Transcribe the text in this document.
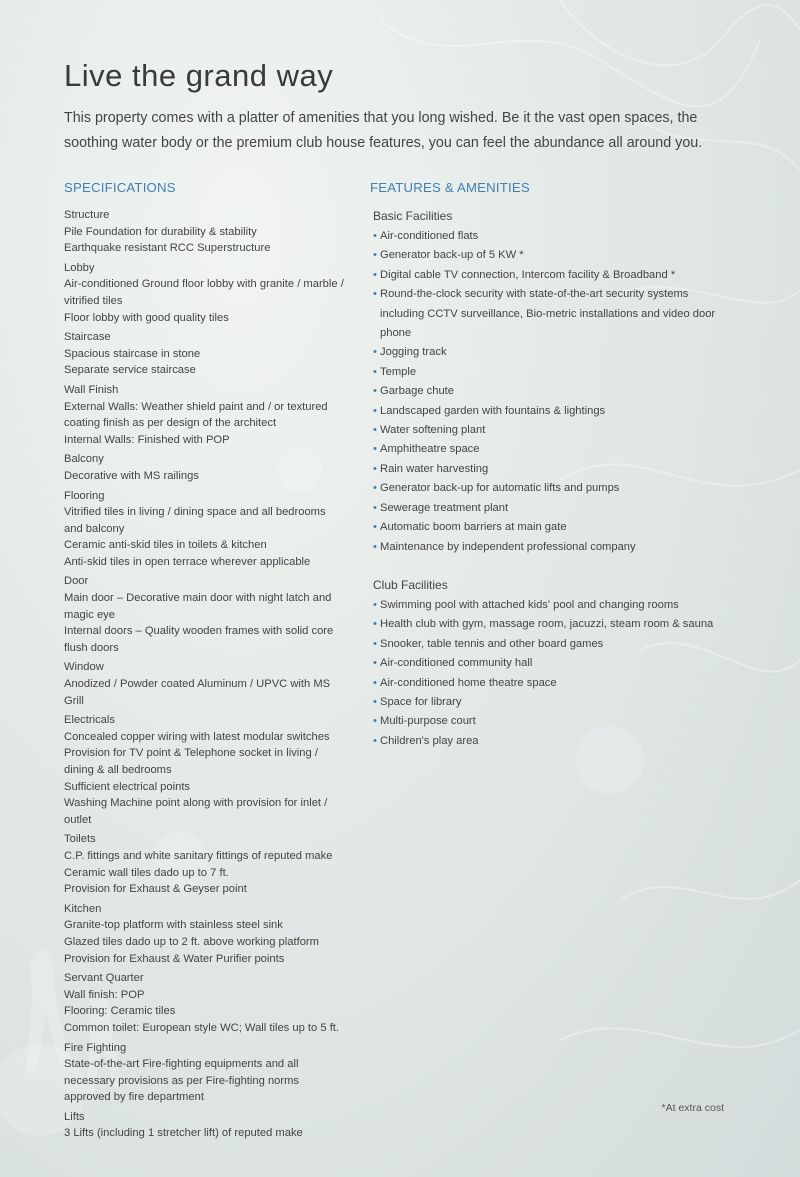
Live the grand way

This property comes with a platter of amenities that you long wished. Be it the vast open spaces, the soothing water body or the premium club house features, you can feel the abundance all around you.

SPECIFICATIONS	FEATURES & AMENITIES
Structure
Pile Foundation for durability & stability
Earthquake resistant RCC Superstructure
Lobby
Air-conditioned Ground floor lobby with granite / marble / vitrified tiles
Floor lobby with good quality tiles
Staircase
Spacious staircase in stone
Separate service staircase
Wall Finish
External Walls: Weather shield paint and / or textured coating finish as per design of the architect
Internal Walls: Finished with POP
Balcony
Decorative with MS railings
Flooring
Vitrified tiles in living / dining space and all bedrooms and balcony
Ceramic anti-skid tiles in toilets & kitchen
Anti-skid tiles in open terrace wherever applicable
Door
Main door – Decorative main door with night latch and magic eye
Internal doors – Quality wooden frames with solid core flush doors
Window
Anodized / Powder coated Aluminum / UPVC with MS Grill
Electricals
Concealed copper wiring with latest modular switches
Provision for TV point & Telephone socket in living / dining & all bedrooms
Sufficient electrical points
Washing Machine point along with provision for inlet / outlet
Toilets
C.P. fittings and white sanitary fittings of reputed make
Ceramic wall tiles dado up to 7 ft.
Provision for Exhaust & Geyser point
Kitchen
Granite-top platform with stainless steel sink
Glazed tiles dado up to 2 ft. above working platform
Provision for Exhaust & Water Purifier points
Servant Quarter
Wall finish: POP
Flooring: Ceramic tiles
Common toilet: European style WC; Wall tiles up to 5 ft.
Fire Fighting
State-of-the-art Fire-fighting equipments and all necessary provisions as per Fire-fighting norms approved by fire department
Lifts
3 Lifts (including 1 stretcher lift) of reputed make
Basic Facilities
• Air-conditioned flats
• Generator back-up of 5 KW *
• Digital cable TV connection, Intercom facility & Broadband *
• Round-the-clock security with state-of-the-art security systems including CCTV surveillance, Bio-metric installations and video door phone
• Jogging track
• Temple
• Garbage chute
• Landscaped garden with fountains & lightings
• Water softening plant
• Amphitheatre space
• Rain water harvesting
• Generator back-up for automatic lifts and pumps
• Sewerage treatment plant
• Automatic boom barriers at main gate
• Maintenance by independent professional company
Club Facilities
• Swimming pool with attached kids' pool and changing rooms
• Health club with gym, massage room, jacuzzi, steam room & sauna
• Snooker, table tennis and other board games
• Air-conditioned community hall
• Air-conditioned home theatre space
• Space for library
• Multi-purpose court
• Children's play area
*At extra cost
